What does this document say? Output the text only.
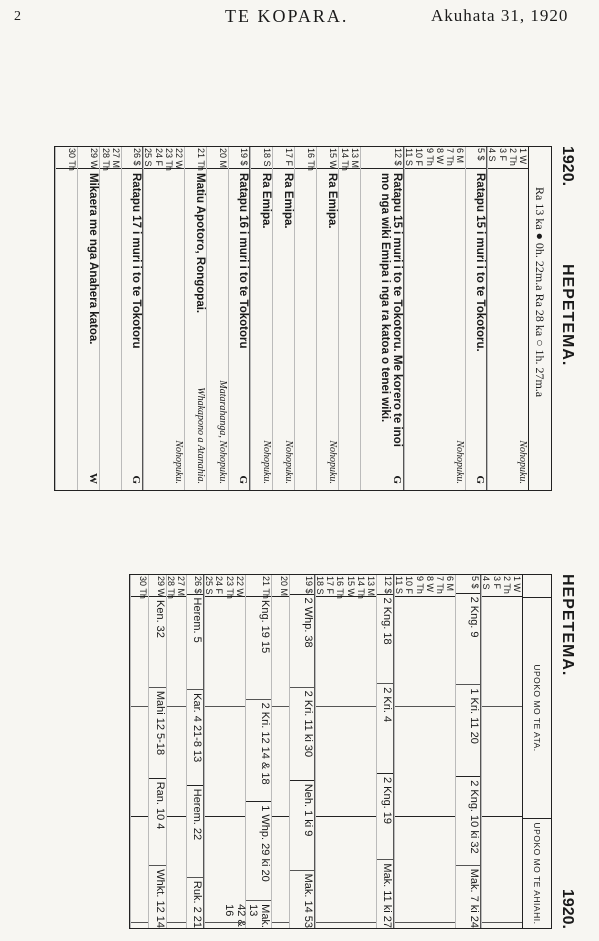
2	TE KOPARA.	Akuhata 31, 1920
1920.
HEPETEMA.
Ra 13 ka ● 0h. 22m.a Ra 28 ka ○ 1h. 27m.a
1 W
2 Th
3 F
4 S
Nohopuku.
5 $
Ratapu 15 i muri i to te Tokotoru.
G
6 M
7 Th
8 W
9 Th
10 F
11 S
Nohopuku.
12 $
Ratapu 15 i muri i to te Tokotoru. Me korero te inoi mo nga wiki Emipa i nga ra katoa o tenei wiki.
G
13 M
14 Th
15 W
Ra Emipa.
Nohopuku.
16 Th
17 F
Ra Emipa.
Nohopuku.
18 S
Ra Emipa.
Nohopuku.
19 $
Ratapu 16 i muri i to te Tokotoru
G
20 M
Matarahanga, Nohopuku.
21 Th
Matiu Apotoro, Rongopai.
Whakapono a Atanahia.
22 W
23 Th
24 F
25 S
Nohopuku.
26 $
Ratapu 17 i muri i to te Tokotoru
G
27 M
28 Th
29 W
Mikaera me nga Anahera katoa.
W
30 Th
HEPETEMA.
1920.
UPOKO MO TE ATA.
UPOKO MO TE AHIAHI.
1 W
2 Th
3 F
4 S
5 $
2 Kng. 9
1 Kri. 11 20
2 Kng. 10 ki 32
Mak. 7 ki 24
6 M
7 Th
8 W
9 Th
10 F
11 S
12 $
2 Kng. 18
2 Kri. 4
2 Kng. 19
Mak. 11 ki 27
13 M
14 Th
15 W
16 Th
17 F
18 S
19 $
2 Whp. 38
2 Kri. 11 ki 30
Neh. 1 ki 9
Mak. 14 53
20 M
21 Th
Kng. 19 15
2 Kri. 12 14 & 18
1 Whp. 29 ki 20
Mak. 13 42 & 16
22 W
23 Th
24 F
25 S
26 $
Herem. 5
Kar. 4 21-8 13
Herem. 22
Ruk. 2 21
27 M
28 Th
29 W
Ken. 32
Mahi 12 5-18
Ran. 10 4
Whkt. 12 14
30 Th
